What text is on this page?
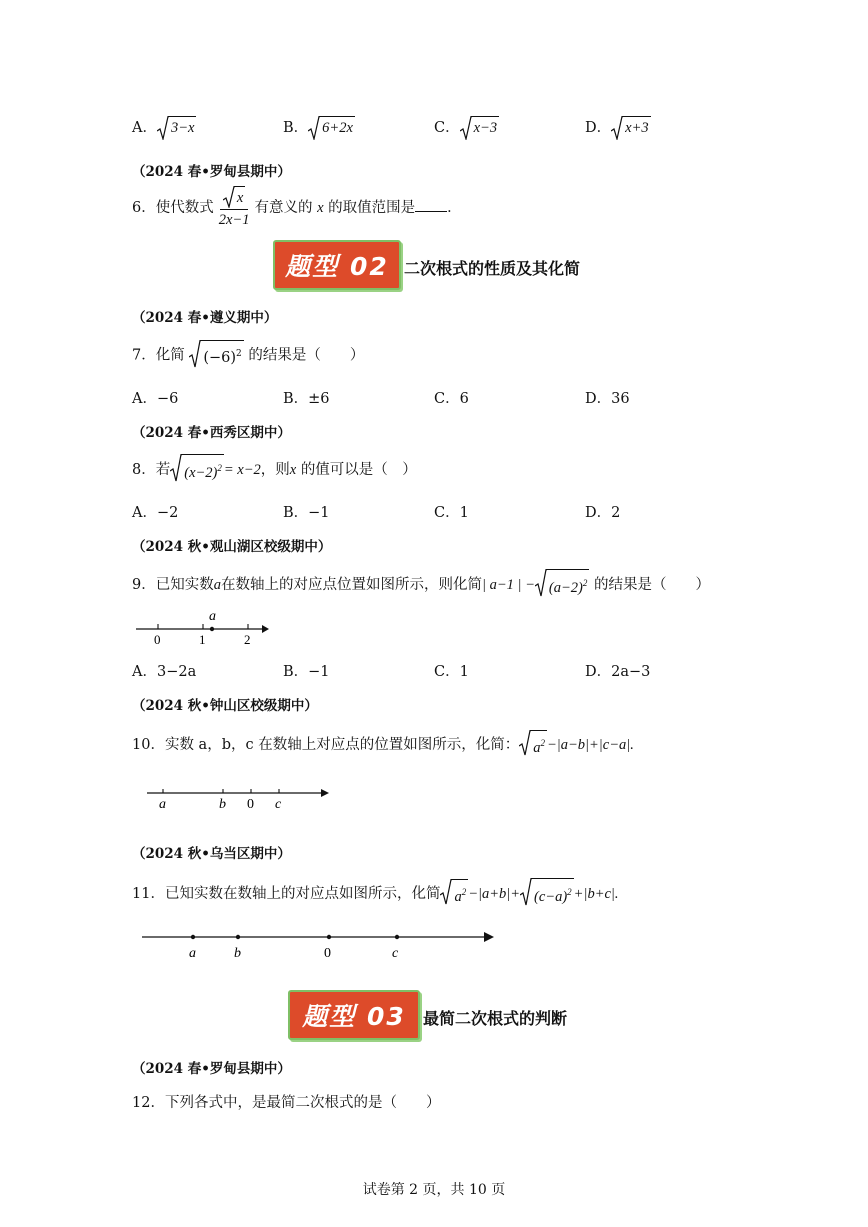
A． 3−x	B． 6+2x	C． x−3	D． x+3
（2024 春•罗甸县期中）
6．使代数式 $\frac{x}{2x-1}$ 有意义的 x 的取值范围是 ．
题型 02 二次根式的性质及其化简
（2024 春•遵义期中）
7．化简 $(-6)^2$ 的结果是（　　）
A．−6	B．±6	C．6	D．36
（2024 春•西秀区期中）
8．若 $(x-2)^2 = x-2$，则x 的值可以是（　）
A．−2	B．−1	C．1	D．2
（2024 秋•观山湖区校级期中）
9．已知实数a在数轴上的对应点位置如图所示，则化简| a−1 | − $(a-2)^2$ 的结果是（　　）
a
0	1	2
A．3−2a	B．−1	C．1	D．2a−3
（2024 秋•钟山区校级期中）
10．实数 a，b，c 在数轴上对应点的位置如图所示，化简： $a^2 -|a-b|+|c-a|$.
a	b 0 c
（2024 秋•乌当区期中）
11．已知实数在数轴上的对应点如图所示，化简 $a^2 -|a+b|+ (c-a)^2 +|b+c|$.
a	b	0	c
题型 03	最简二次根式的判断
（2024 春•罗甸县期中）
12．下列各式中，是最简二次根式的是（　　）
试卷第 2 页，共 10 页
